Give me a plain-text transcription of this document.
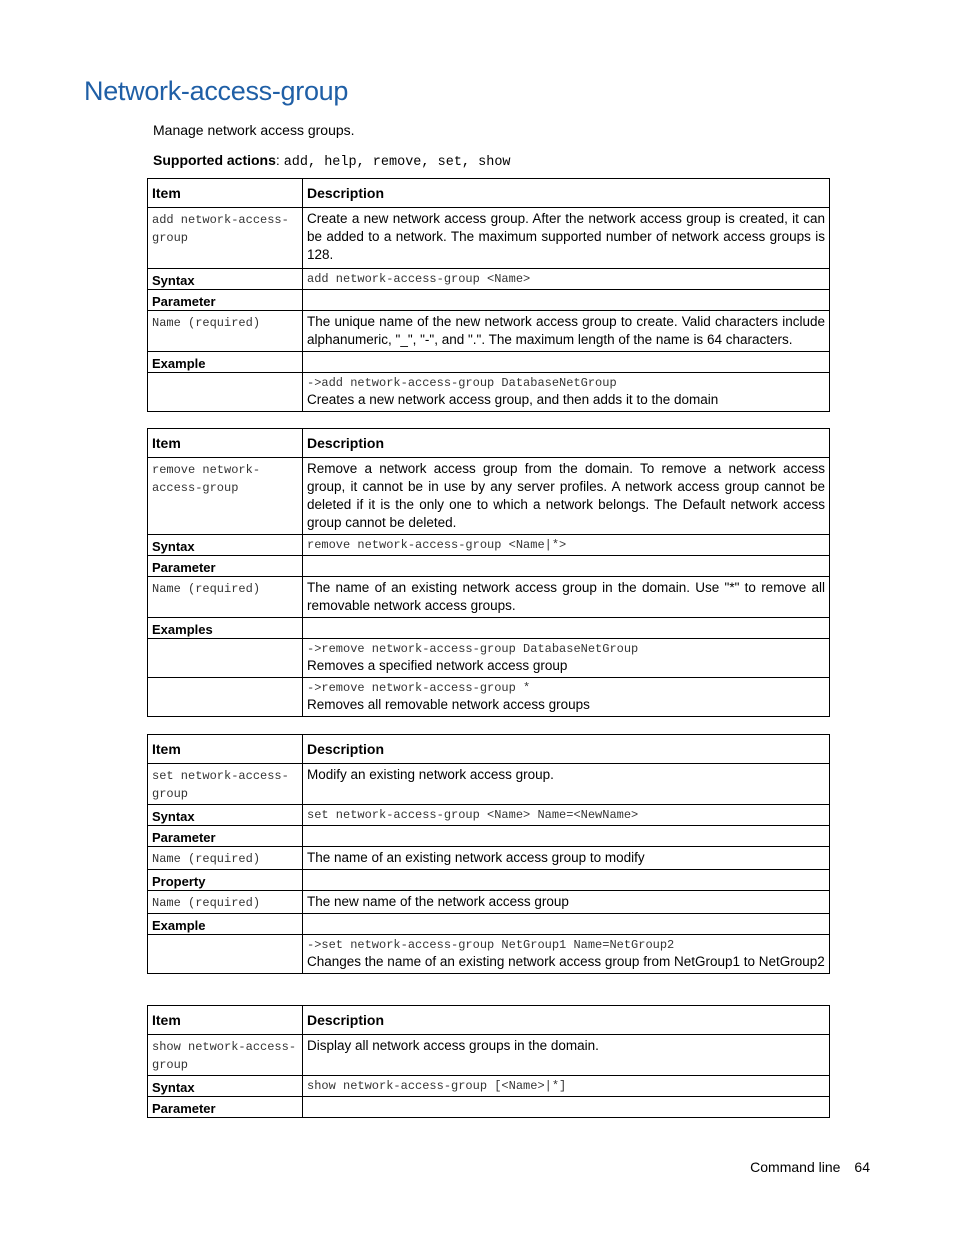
Network-access-group
Manage network access groups.
Supported actions: add, help, remove, set, show
Item	Description
add network-access-group	Create a new network access group. After the network access group is created, it can be added to a network. The maximum supported number of network access groups is 128.
Syntax	add network-access-group <Name>

Parameter	
Name (required)	The unique name of the new network access group to create. Valid characters include alphanumeric, "_", "-", and ".". The maximum length of the name is 64 characters.
Example	

	->add network-access-group DatabaseNetGroup
Creates a new network access group, and then adds it to the domain
Item	Description
remove network-access-group	Remove a network access group from the domain. To remove a network access group, it cannot be in use by any server profiles. A network access group cannot be deleted if it is the only one to which a network belongs. The Default network access group cannot be deleted.
Syntax	remove network-access-group <Name|*>

Parameter	
Name (required)	The name of an existing network access group in the domain. Use "*" to remove all removable network access groups.
Examples	

	->remove network-access-group DatabaseNetGroup
Removes a specified network access group

	->remove network-access-group *
Removes all removable network access groups
Item	Description
set network-access-group	Modify an existing network access group.
Syntax	set network-access-group <Name> Name=<NewName>

Parameter	
Name (required)	The name of an existing network access group to modify
Property	
Name (required)	The new name of the network access group
Example	

	->set network-access-group NetGroup1 Name=NetGroup2
Changes the name of an existing network access group from NetGroup1 to NetGroup2
Item	Description
show network-access-group	Display all network access groups in the domain.
Syntax	show network-access-group [<Name>|*]

Parameter	
Command line 64
